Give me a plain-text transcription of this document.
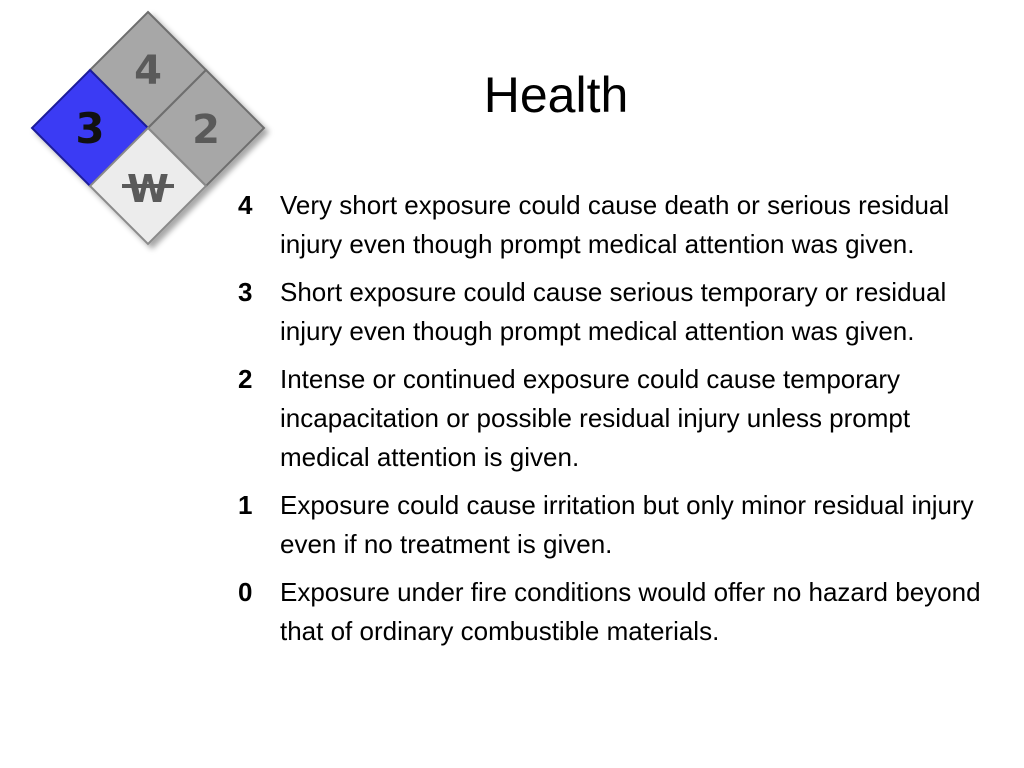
4
3 2
W
Health
4	Very short exposure could cause death or serious residual injury even though prompt medical attention was given.
3	Short exposure could cause serious temporary or residual injury even though prompt medical attention was given.
2	Intense or continued exposure could cause temporary incapacitation or possible residual injury unless prompt medical attention is given.
1	Exposure could cause irritation but only minor residual injury even if no treatment is given.
0	Exposure under fire conditions would offer no hazard beyond that of ordinary combustible materials.
